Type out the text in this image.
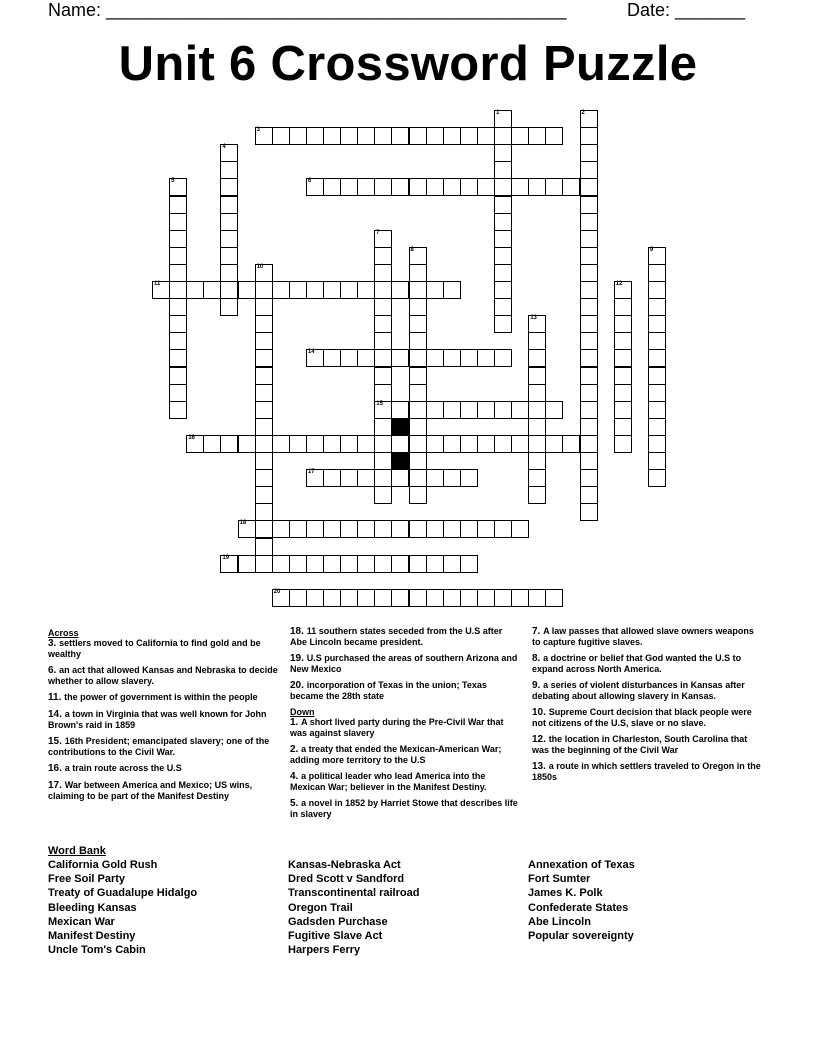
Name: ______________________________________________	Date: _______
Unit 6 Crossword Puzzle
1	2
3
4
5	6
7
15
8	9
10
11	12
13
14
16
17
18
19
20
Across
3. settlers moved to California to find gold and be wealthy
6. an act that allowed Kansas and Nebraska to decide whether to allow slavery.
11. the power of government is within the people
14. a town in Virginia that was well known for John Brown's raid in 1859
15. 16th President; emancipated slavery; one of the contributions to the Civil War.
16. a train route across the U.S
17. War between America and Mexico; US wins, claiming to be part of the Manifest Destiny
18. 11 southern states seceded from the U.S after Abe Lincoln became president.
19. U.S purchased the areas of southern Arizona and New Mexico
20. incorporation of Texas in the union; Texas became the 28th state
Down
1. A short lived party during the Pre-Civil War that was against slavery
2. a treaty that ended the Mexican-American War; adding more territory to the U.S
4. a political leader who lead America into the Mexican War; believer in the Manifest Destiny.
5. a novel in 1852 by Harriet Stowe that describes life in slavery
7. A law passes that allowed slave owners weapons to capture fugitive slaves.
8. a doctrine or belief that God wanted the U.S to expand across North America.
9. a series of violent disturbances in Kansas after debating about allowing slavery in Kansas.
10. Supreme Court decision that black people were not citizens of the U.S, slave or no slave.
12. the location in Charleston, South Carolina that was the beginning of the Civil War
13. a route in which settlers traveled to Oregon in the 1850s
Word Bank
California Gold Rush
Free Soil Party
Treaty of Guadalupe Hidalgo
Bleeding Kansas
Mexican War
Manifest Destiny
Uncle Tom's Cabin
Kansas-Nebraska Act
Dred Scott v Sandford
Transcontinental railroad
Oregon Trail
Gadsden Purchase
Fugitive Slave Act
Harpers Ferry
Annexation of Texas
Fort Sumter
James K. Polk
Confederate States
Abe Lincoln
Popular sovereignty
